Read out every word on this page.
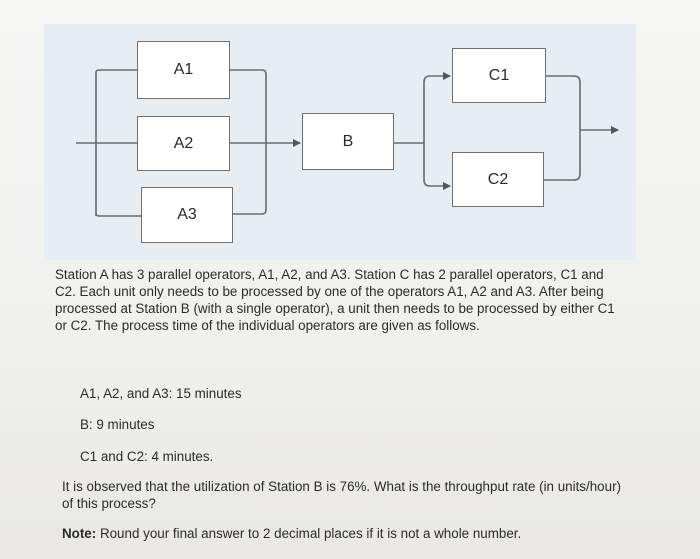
A1
A2
A3
B
C1
C2

Station A has 3 parallel operators, A1, A2, and A3. Station C has 2 parallel operators, C1 and C2. Each unit only needs to be processed by one of the operators A1, A2 and A3. After being processed at Station B (with a single operator), a unit then needs to be processed by either C1 or C2. The process time of the individual operators are given as follows.

A1, A2, and A3: 15 minutes
B: 9 minutes
C1 and C2: 4 minutes.
It is observed that the utilization of Station B is 76%. What is the throughput rate (in units/hour) of this process?
Note: Round your final answer to 2 decimal places if it is not a whole number.
